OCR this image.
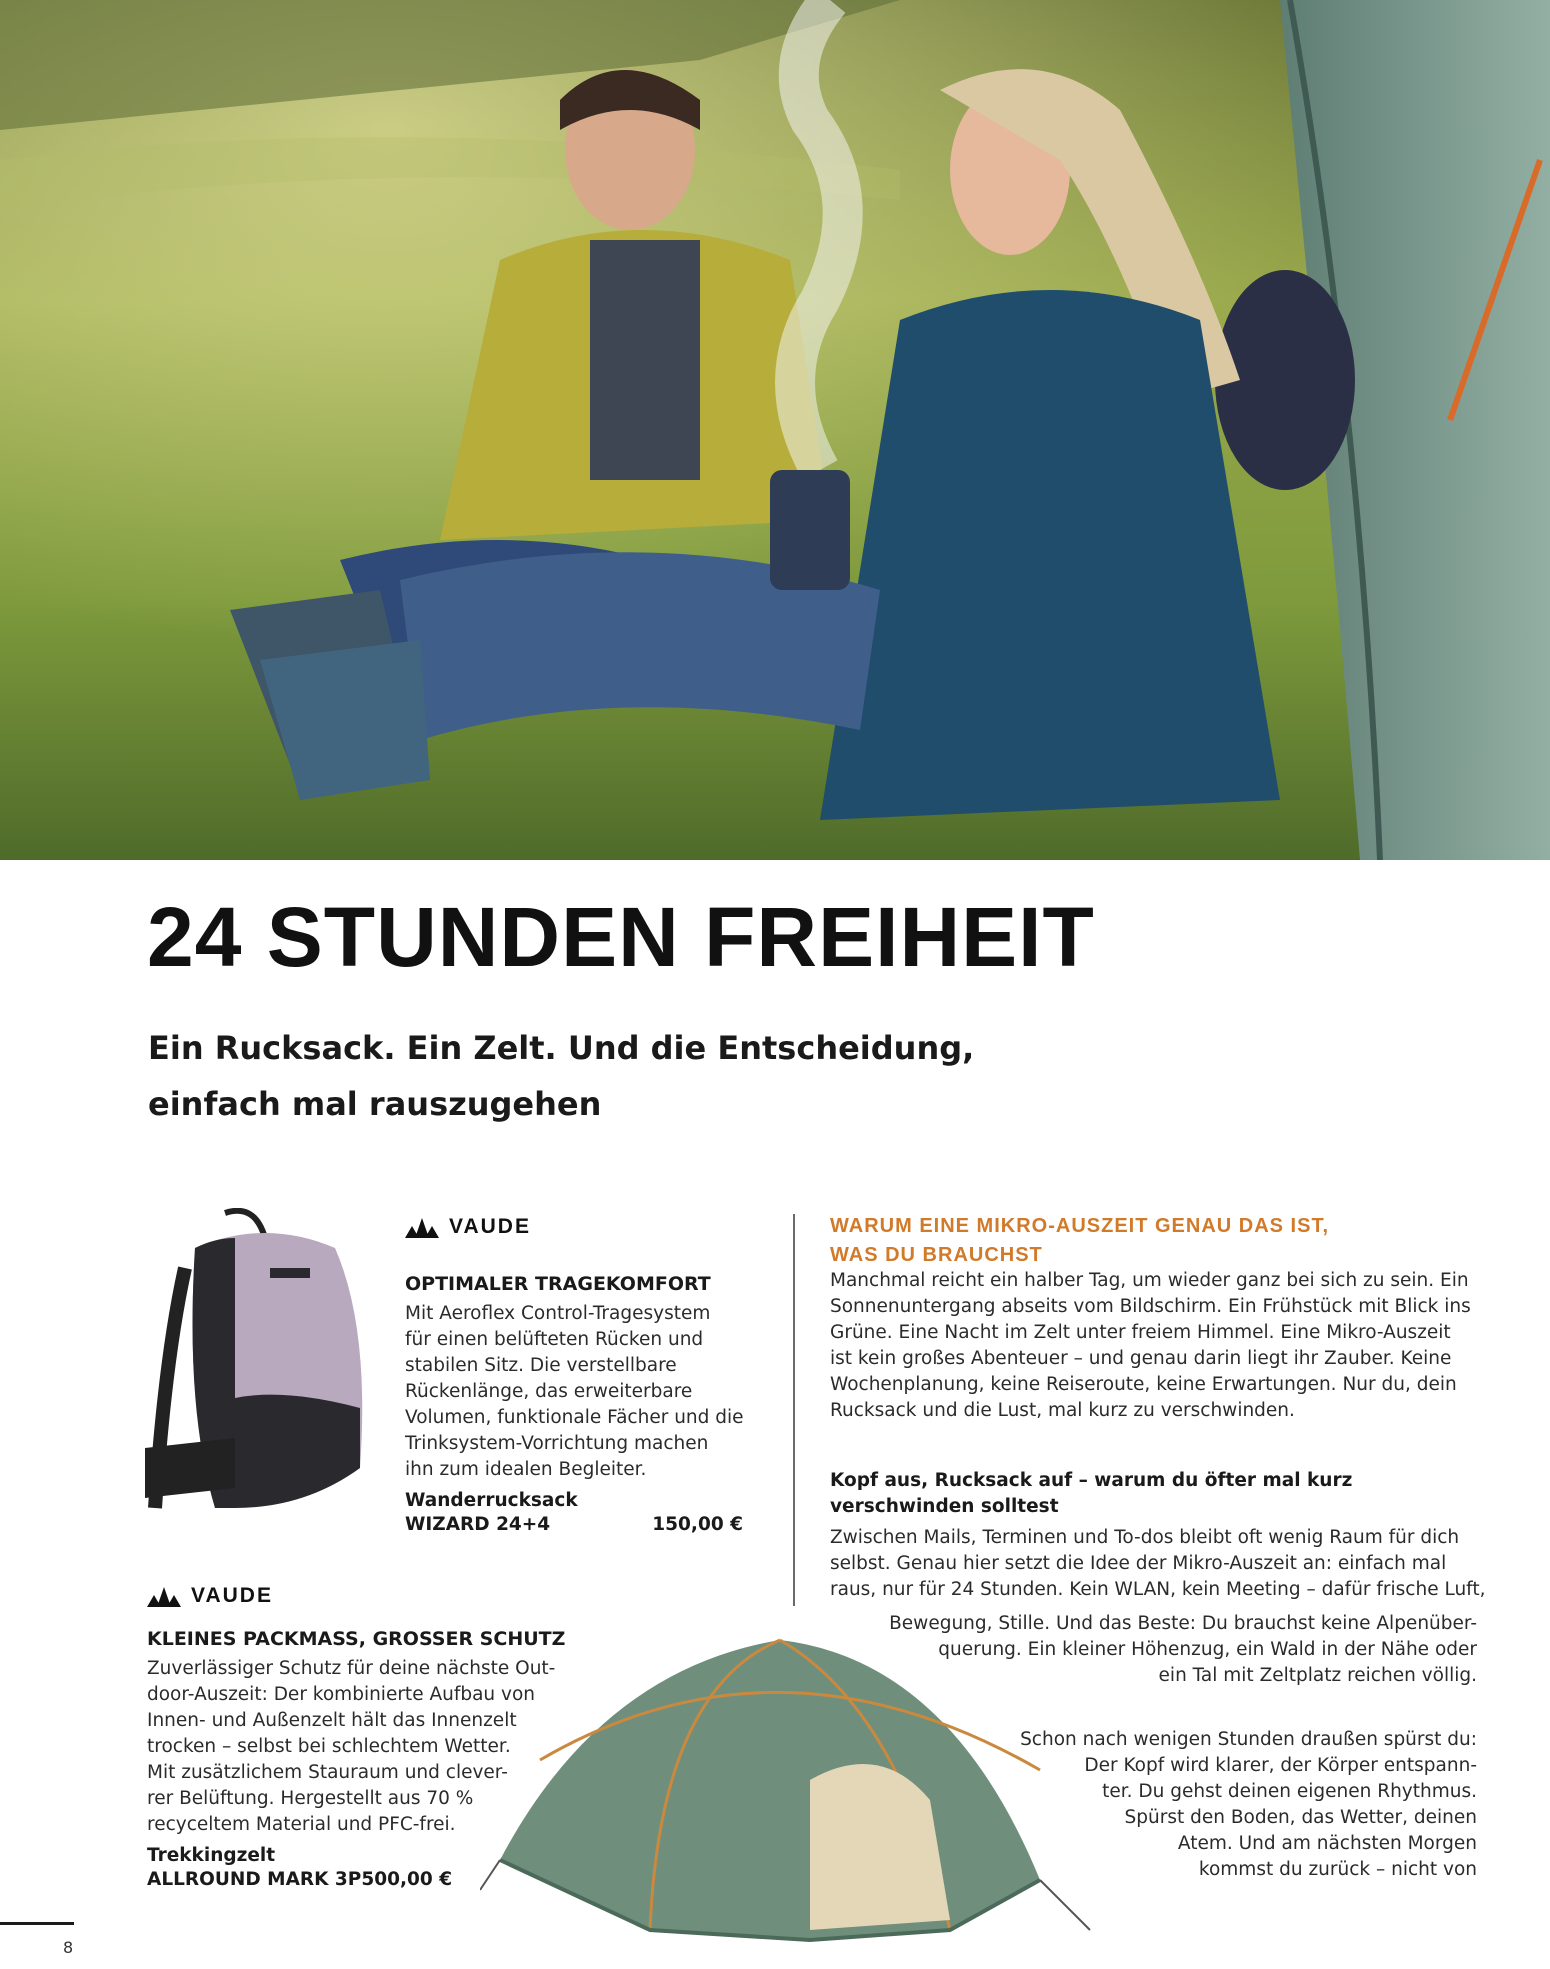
24 STUNDEN FREIHEIT

Ein Rucksack. Ein Zelt. Und die Entscheidung,
einfach mal rauszugehen

VAUDE

OPTIMALER TRAGEKOMFORT

Mit Aeroflex Control-Tragesystem
für einen belüfteten Rücken und
stabilen Sitz. Die verstellbare
Rückenlänge, das erweiterbare
Volumen, funktionale Fächer und die
Trinksystem-Vorrichtung machen
ihn zum idealen Begleiter.

Wanderrucksack

WIZARD 24+4	150,00 €
VAUDE

KLEINES PACKMASS, GROSSER SCHUTZ

Zuverlässiger Schutz für deine nächste Out-
door-Auszeit: Der kombinierte Aufbau von
Innen- und Außenzelt hält das Innenzelt
trocken – selbst bei schlechtem Wetter.
Mit zusätzlichem Stauraum und clever-
rer Belüftung. Hergestellt aus 70 %
recyceltem Material und PFC-frei.

Trekkingzelt

ALLROUND MARK 3P 500,00 €
WARUM EINE MIKRO-AUSZEIT GENAU DAS IST,
WAS DU BRAUCHST

Manchmal reicht ein halber Tag, um wieder ganz bei sich zu sein. Ein
Sonnenuntergang abseits vom Bildschirm. Ein Frühstück mit Blick ins
Grüne. Eine Nacht im Zelt unter freiem Himmel. Eine Mikro-Auszeit
ist kein großes Abenteuer – und genau darin liegt ihr Zauber. Keine
Wochenplanung, keine Reiseroute, keine Erwartungen. Nur du, dein
Rucksack und die Lust, mal kurz zu verschwinden.

Kopf aus, Rucksack auf – warum du öfter mal kurz
verschwinden solltest

Zwischen Mails, Terminen und To-dos bleibt oft wenig Raum für dich
selbst. Genau hier setzt die Idee der Mikro-Auszeit an: einfach mal
raus, nur für 24 Stunden. Kein WLAN, kein Meeting – dafür frische Luft,

Bewegung, Stille. Und das Beste: Du brauchst keine Alpenüber-
querung. Ein kleiner Höhenzug, ein Wald in der Nähe oder
ein Tal mit Zeltplatz reichen völlig.

Schon nach wenigen Stunden draußen spürst du:
Der Kopf wird klarer, der Körper entspann-
ter. Du gehst deinen eigenen Rhythmus.
Spürst den Boden, das Wetter, deinen
Atem. Und am nächsten Morgen
kommst du zurück – nicht von

8
